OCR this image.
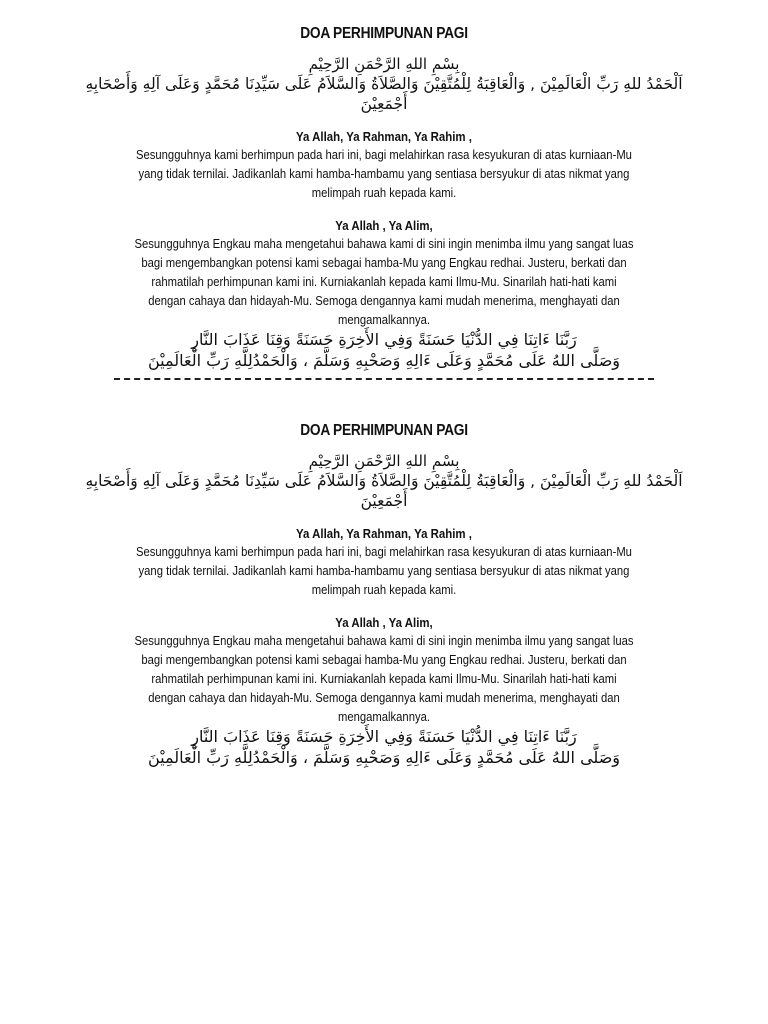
DOA PERHIMPUNAN PAGI
بِسْمِ اللهِ الرَّحْمَنِ الرَّحِيْمِ
اَلْحَمْدُ للهِ رَبِّ الْعَالَمِيْنَ , وَالْعَاقِبَةُ لِلْمُتَّقِيْنَ وَالصَّلاَةُ وَالسَّلاَمُ عَلَى سَيِّدِنَا مُحَمَّدٍ وَعَلَى آلِهِ وَأَصْحَابِهِ أَجْمَعِيْنَ
Ya Allah, Ya Rahman, Ya Rahim ,
Sesungguhnya kami berhimpun pada hari ini, bagi melahirkan rasa kesyukuran di atas kurniaan-Mu yang tidak ternilai. Jadikanlah kami hamba-hambamu yang sentiasa bersyukur di atas nikmat yang melimpah ruah kepada kami.
Ya Allah , Ya Alim,
Sesungguhnya Engkau maha mengetahui bahawa kami di sini ingin menimba ilmu yang sangat luas bagi mengembangkan potensi kami sebagai hamba-Mu yang Engkau redhai. Justeru, berkati dan rahmatilah perhimpunan kami ini. Kurniakanlah kepada kami Ilmu-Mu. Sinarilah hati-hati kami dengan cahaya dan hidayah-Mu. Semoga dengannya kami mudah menerima, menghayati dan mengamalkannya.
رَبَّنَا ءَاتِنَا فِي الدُّنْيَا حَسَنَةً وَفِي الأَخِرَةِ حَسَنَةً وَقِنَا عَذَابَ النَّارِ
وَصَلَّى اللهُ عَلَى مُحَمَّدٍ وَعَلَى ءَالِهِ وَصَحْبِهِ وَسَلَّمَ ، وَالْحَمْدُلِلَّهِ رَبِّ الْعَالَمِيْنَ
DOA PERHIMPUNAN PAGI
بِسْمِ اللهِ الرَّحْمَنِ الرَّحِيْمِ
اَلْحَمْدُ للهِ رَبِّ الْعَالَمِيْنَ , وَالْعَاقِبَةُ لِلْمُتَّقِيْنَ وَالصَّلاَةُ وَالسَّلاَمُ عَلَى سَيِّدِنَا مُحَمَّدٍ وَعَلَى آلِهِ وَأَصْحَابِهِ أَجْمَعِيْنَ
Ya Allah, Ya Rahman, Ya Rahim ,
Sesungguhnya kami berhimpun pada hari ini, bagi melahirkan rasa kesyukuran di atas kurniaan-Mu yang tidak ternilai. Jadikanlah kami hamba-hambamu yang sentiasa bersyukur di atas nikmat yang melimpah ruah kepada kami.
Ya Allah , Ya Alim,
Sesungguhnya Engkau maha mengetahui bahawa kami di sini ingin menimba ilmu yang sangat luas bagi mengembangkan potensi kami sebagai hamba-Mu yang Engkau redhai. Justeru, berkati dan rahmatilah perhimpunan kami ini. Kurniakanlah kepada kami Ilmu-Mu. Sinarilah hati-hati kami dengan cahaya dan hidayah-Mu. Semoga dengannya kami mudah menerima, menghayati dan mengamalkannya.
رَبَّنَا ءَاتِنَا فِي الدُّنْيَا حَسَنَةً وَفِي الأَخِرَةِ حَسَنَةً وَقِنَا عَذَابَ النَّارِ
وَصَلَّى اللهُ عَلَى مُحَمَّدٍ وَعَلَى ءَالِهِ وَصَحْبِهِ وَسَلَّمَ ، وَالْحَمْدُلِلَّهِ رَبِّ الْعَالَمِيْنَ
